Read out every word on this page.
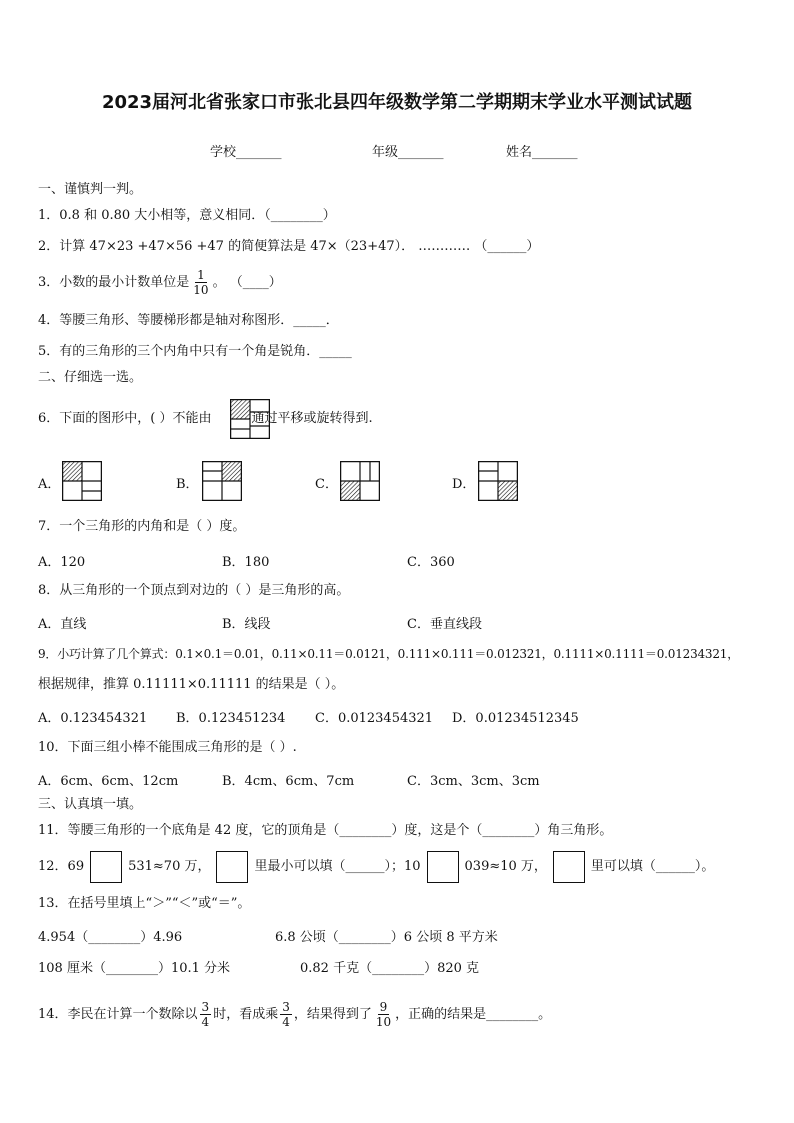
2023届河北省张家口市张北县四年级数学第二学期期末学业水平测试试题
学校_______	年级_______	姓名_______
一、谨慎判一判。
1．0.8 和 0.80 大小相等，意义相同．（________）
2．计算 47×23 +47×56 +47 的简便算法是 47×（23+47）． ………… （______）
3．小数的最小计数单位是 $\frac{1}{10}$ 。 （____）
4．等腰三角形、等腰梯形都是轴对称图形．_____．
5．有的三角形的三个内角中只有一个角是锐角．_____
二、仔细选一选。
6．下面的图形中，( ）不能由	通过平移或旋转得到.
A．	B．	C．	D．
7．一个三角形的内角和是（ ）度。
A．120	B．180	C．360
8．从三角形的一个顶点到对边的（ ）是三角形的高。
A．直线	B．线段	C．垂直线段
9．小巧计算了几个算式：0.1×0.1＝0.01，0.11×0.11＝0.0121，0.111×0.111＝0.012321，0.1111×0.1111＝0.01234321，
根据规律，推算 0.11111×0.11111 的结果是（ ）。
A．0.123454321 B．0.123451234 C．0.0123454321 D．0.01234512345
10．下面三组小棒不能围成三角形的是（ ）.
A．6cm、6cm、12cm	B．4cm、6cm、7cm	C．3cm、3cm、3cm
三、认真填一填。
11．等腰三角形的一个底角是 42 度，它的顶角是（________）度，这是个（________）角三角形。
12．69	531≈70 万，	里最小可以填（______）；10	039≈10 万，	里可以填（______）。
13．在括号里填上“＞”“＜”或“＝”。
4.954（________）4.96	6.8 公顷（________）6 公顷 8 平方米
108 厘米（________）10.1 分米	0.82 千克（________）820 克
14．李民在计算一个数除以 $\frac{3}{4}$ 时，看成乘 $\frac{3}{4}$ ，结果得到了 $\frac{9}{10}$ ，正确的结果是________。
